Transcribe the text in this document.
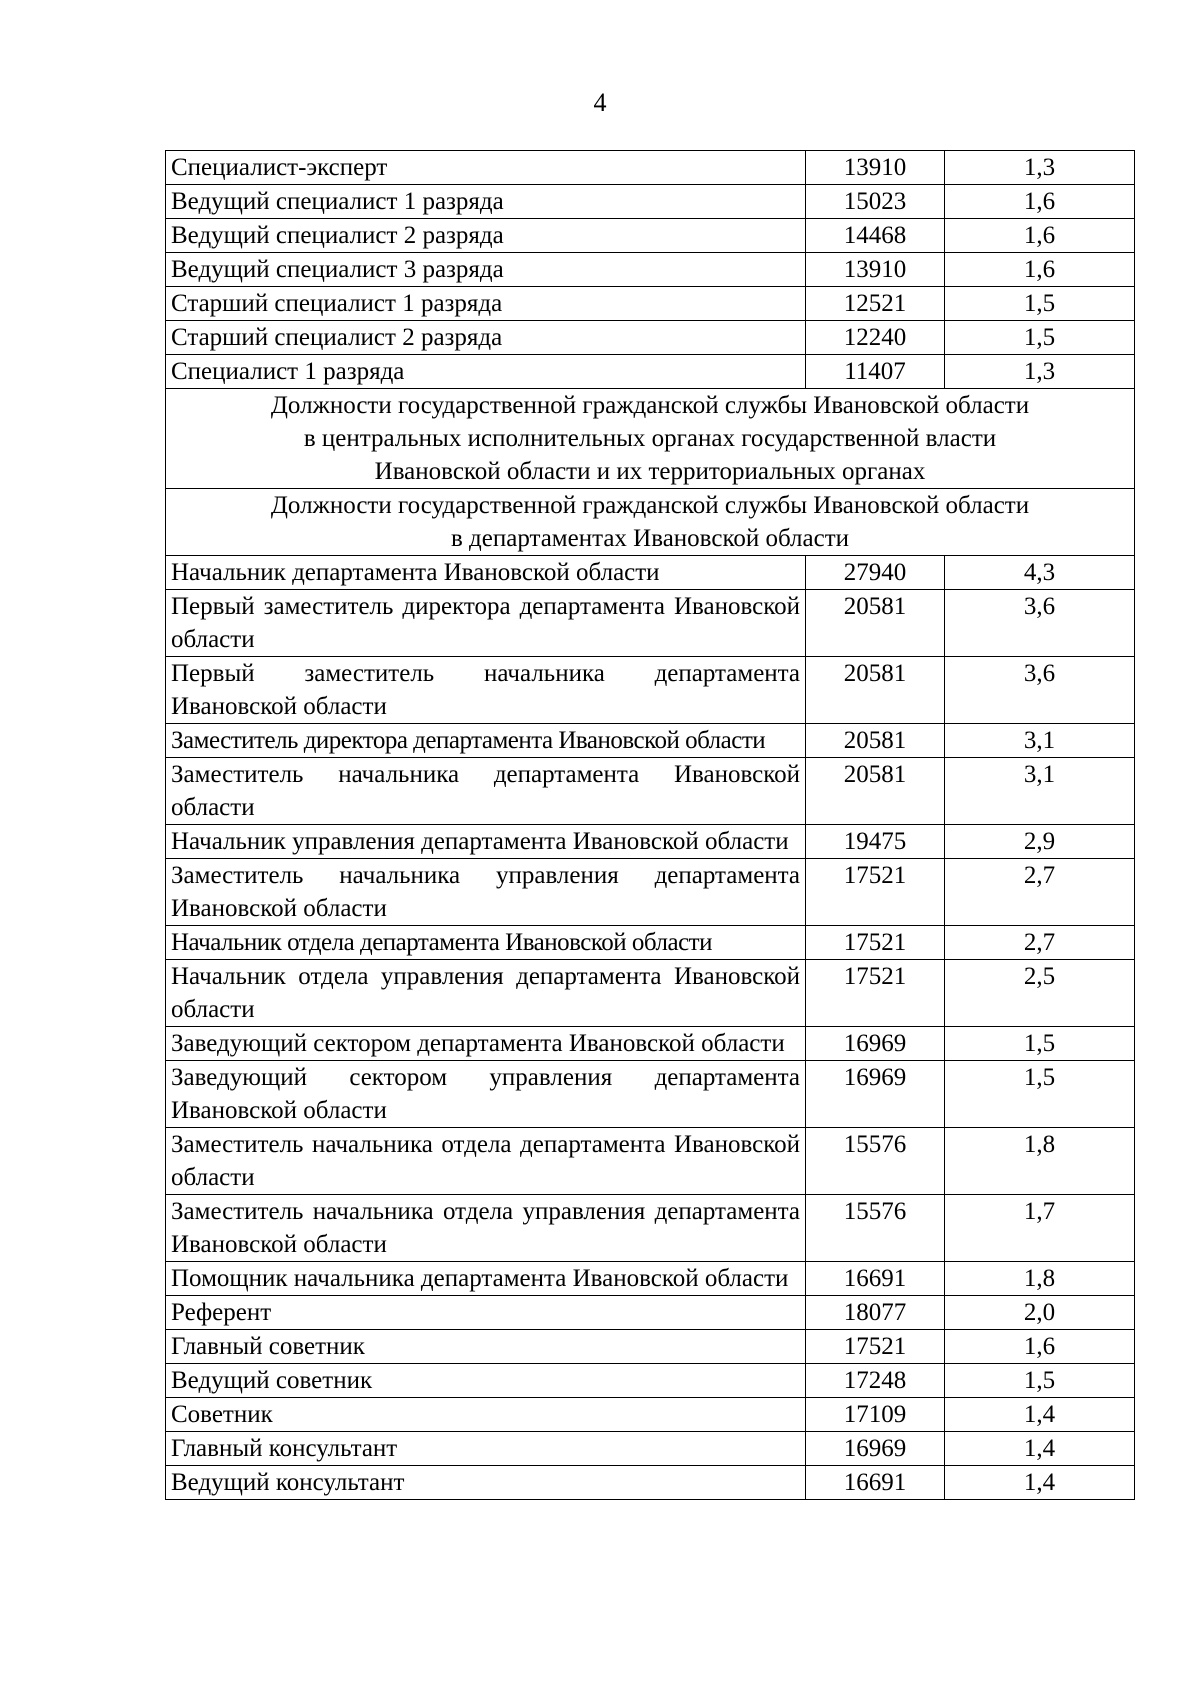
4
Специалист-эксперт	13910	1,3
Ведущий специалист 1 разряда	15023	1,6
Ведущий специалист 2 разряда	14468	1,6
Ведущий специалист 3 разряда	13910	1,6
Старший специалист 1 разряда	12521	1,5
Старший специалист 2 разряда	12240	1,5
Специалист 1 разряда	11407	1,3

Должности государственной гражданской службы Ивановской области
в центральных исполнительных органах государственной власти
Ивановской области и их территориальных органах		

Должности государственной гражданской службы Ивановской области
в департаментах Ивановской области		

Начальник департамента Ивановской области	27940	4,3
Первый заместитель директора департамента Ивановской области	20581	3,6
Первый заместитель начальника департамента Ивановской области	20581	3,6
Заместитель директора департамента Ивановской области	20581	3,1
Заместитель начальника департамента Ивановской области	20581	3,1
Начальник управления департамента Ивановской области	19475	2,9
Заместитель начальника управления департамента Ивановской области	17521	2,7
Начальник отдела департамента Ивановской области	17521	2,7
Начальник отдела управления департамента Ивановской области	17521	2,5
Заведующий сектором департамента Ивановской области	16969	1,5
Заведующий сектором управления департамента Ивановской области	16969	1,5
Заместитель начальника отдела департамента Ивановской области	15576	1,8
Заместитель начальника отдела управления департамента Ивановской области	15576	1,7
Помощник начальника департамента Ивановской области	16691	1,8
Референт	18077	2,0
Главный советник	17521	1,6
Ведущий советник	17248	1,5
Советник	17109	1,4
Главный консультант	16969	1,4
Ведущий консультант	16691	1,4
